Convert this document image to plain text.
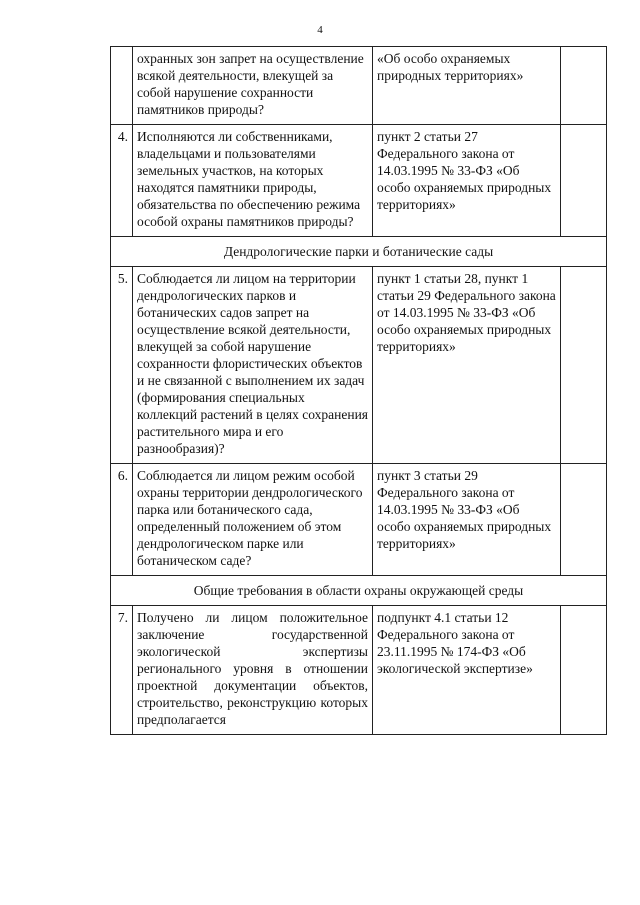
4
	охранных зон запрет на осуществление всякой деятельности, влекущей за собой нарушение сохранности памятников природы?	«Об особо охраняемых природных территориях»	
4.	Исполняются ли собственниками, владельцами и пользователями земельных участков, на которых находятся памятники природы, обязательства по обеспечению режима особой охраны памятников природы?	пункт 2 статьи 27 Федерального закона от 14.03.1995 № 33-ФЗ «Об особо охраняемых природных территориях»	
Дендрологические парки и ботанические сады			
5.	Соблюдается ли лицом на территории дендрологических парков и ботанических садов запрет на осуществление всякой деятельности, влекущей за собой нарушение сохранности флористических объектов и не связанной с выполнением их задач (формирования специальных коллекций растений в целях сохранения растительного мира и его разнообразия)?	пункт 1 статьи 28, пункт 1 статьи 29 Федерального закона от 14.03.1995 № 33-ФЗ «Об особо охраняемых природных территориях»	
6.	Соблюдается ли лицом режим особой охраны территории дендрологического парка или ботанического сада, определенный положением об этом дендрологическом парке или ботаническом саде?	пункт 3 статьи 29 Федерального закона от 14.03.1995 № 33-ФЗ «Об особо охраняемых природных территориях»	
Общие требования в области охраны окружающей среды			
7.	Получено ли лицом положительное заключение государственной экологической экспертизы регионального уровня в отношении проектной документации объектов, строительство, реконструкцию которых предполагается	подпункт 4.1 статьи 12 Федерального закона от 23.11.1995 № 174-ФЗ «Об экологической экспертизе»	
